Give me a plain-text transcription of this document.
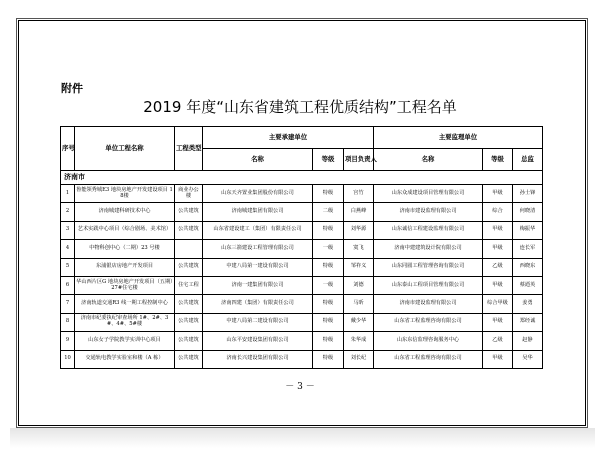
附件
2019 年度“山东省建筑工程优质结构”工程名单
序号	单位工程名称	工程类型	主要承建单位			主要监理单位		
			名称	等级	项目负责人	名称	等级	总监
济南市								
1	鲁能领秀城E3 地块房地产开发建设项目 18楼	商业办公楼	山东天齐置业集团股份有限公司	特级	宫竹	山东众成建设项目管理有限公司	甲级	孙士锋
2	济南城建科研技术中心	公共建筑	济南城建集团有限公司	二级	白燕峰	济南市建设监理有限公司	综合	何晓清
3	艺术实践中心项目（综合剧场、美术馆）	公共建筑	山东省建设建工（集团）有限责任公司	特级	刘华源	山东诚信工程建设监理有限公司	甲级	梅振华
4	中物科创中心（二期）23 号楼		山东三箭建设工程管理有限公司	一级	寞飞	济南中建建筑设计院有限公司	甲级	连长军
5	东浦银店房地产开发项目	公共建筑	中建八局第一建设有限公司	特级	邹祚义	山东同圆工程管理咨询有限公司	乙级	西晓东
6	华山西片区G 地块房地产开发项目（五期）27#住宅楼	住宅工程	济南一建集团有限公司	一级	刘德	山东泰山工程项目管理有限公司	甲级	蔡迺英
7	济南轨道交通R3 线一期工程控制中心	公共建筑	济南四建（集团）有限责任公司	特级	马昕	济南市建设监理有限公司	综合甲级	姜勇
8	济南市纪委执纪审查场所 1#、2#、3#、4#、5#楼	公共建筑	中建八局第二建设有限公司	特级	戴少华	山东省工程监理咨询有限公司	甲级	郑经诚
9	山东女子学院教学实训中心项目	公共建筑	山东平安建设集团有限公司	特级	朱华成	山东东信监理咨询服务中心	乙级	赵静
10	交通轨电教学实验室和楼（A 栋）	公共建筑	济南长兴建设集团有限公司	特级	刘长纪	山东省工程监理咨询有限公司	甲级	吴华
－ 3 －
